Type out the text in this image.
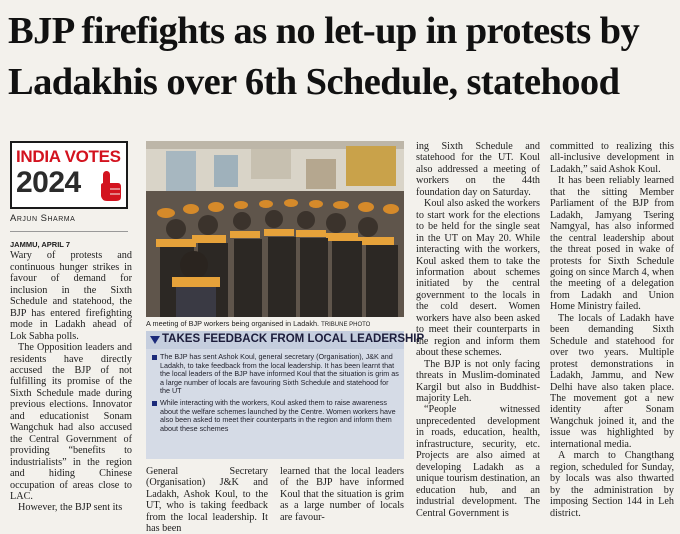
BJP firefights as no let-up in protests by
Ladakhis over 6th Schedule, statehood
INDIA VOTES
2024
Arjun Sharma

JAMMU, APRIL 7

Wary of protests and continuous hunger strikes in favour of demand for inclusion in the Sixth Schedule and statehood, the BJP has entered firefighting mode in Ladakh ahead of Lok Sabha polls.

The Opposition leaders and residents have directly accused the BJP of not fulfilling its promise of the Sixth Schedule made during previous elections. Innovator and educationist Sonam Wangchuk had also accused the Central Government of providing “benefits to industrialists” in the region and hiding Chinese occupation of areas close to LAC.

However, the BJP sent its

A meeting of BJP workers being organised in Ladakh. TRIBUNE PHOTO
TAKES FEEDBACK FROM LOCAL LEADERSHIP
The BJP has sent Ashok Koul, general secretary (Organisation), J&K and Ladakh, to take feedback from the local leadership. It has been learnt that the local leaders of the BJP have informed Koul that the situation is grim as a large number of locals are favouring Sixth Schedule and statehood for the UT
While interacting with the workers, Koul asked them to raise awareness about the welfare schemes launched by the Centre. Women workers have also been asked to meet their counterparts in the region and inform them about these schemes

General Secretary (Organisation) J&K and Ladakh, Ashok Koul, to the UT, who is taking feedback from the local leadership. It has been

learned that the local leaders of the BJP have informed Koul that the situation is grim as a large number of locals are favour-

ing Sixth Schedule and statehood for the UT. Koul also addressed a meeting of workers on the 44th foundation day on Saturday.

Koul also asked the workers to start work for the elections to be held for the single seat in the UT on May 20. While interacting with the workers, Koul asked them to take the information about schemes initiated by the central government to the locals in the cold desert. Women workers have also been asked to meet their counterparts in the region and inform them about these schemes.

The BJP is not only facing threats in Muslim-dominated Kargil but also in Buddhist-majority Leh.

“People witnessed unprecedented development in roads, education, health, infrastructure, security, etc. Projects are also aimed at developing Ladakh as a unique tourism destination, an education hub, and an industrial development. The Central Government is

committed to realizing this all-inclusive development in Ladakh,” said Ashok Koul.

It has been reliably learned that the sitting Member Parliament of the BJP from Ladakh, Jamyang Tsering Namgyal, has also informed the central leadership about the threat posed in wake of protests for Sixth Schedule going on since March 4, when the meeting of a delegation from Ladakh and Union Home Ministry failed.

The locals of Ladakh have been demanding Sixth Schedule and statehood for over two years. Multiple protest demonstrations in Ladakh, Jammu, and New Delhi have also taken place. The movement got a new identity after Sonam Wangchuk joined it, and the issue was highlighted by international media.

A march to Changthang region, scheduled for Sunday, by locals was also thwarted by the administration by imposing Section 144 in Leh district.
